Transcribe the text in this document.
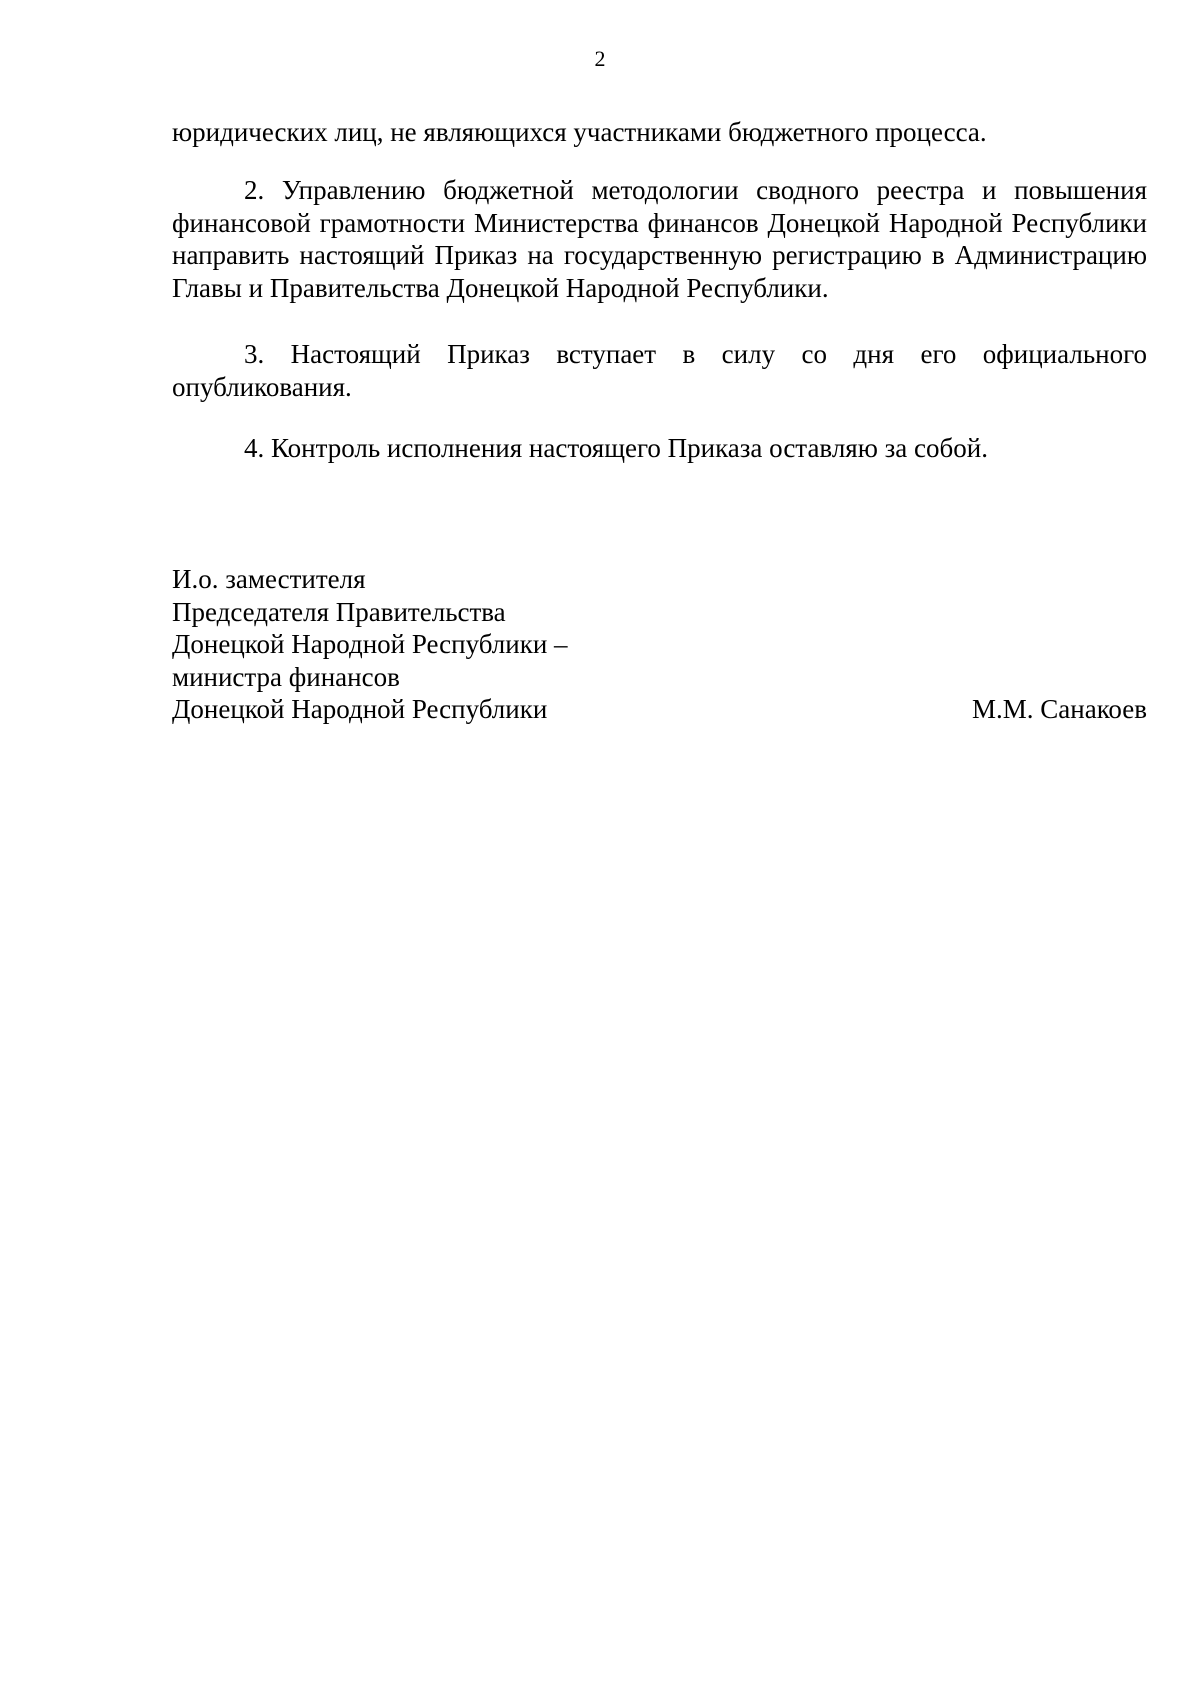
2

юридических лиц, не являющихся участниками бюджетного процесса.

2. Управлению бюджетной методологии сводного реестра и повышения финансовой грамотности Министерства финансов Донецкой Народной Республики направить настоящий Приказ на государственную регистрацию в Администрацию Главы и Правительства Донецкой Народной Республики.

3. Настоящий Приказ вступает в силу со дня его официального опубликования.

4. Контроль исполнения настоящего Приказа оставляю за собой.

И.о. заместителя
Председателя Правительства
Донецкой Народной Республики –
министра финансов
Донецкой Народной Республики	М.М. Санакоев
